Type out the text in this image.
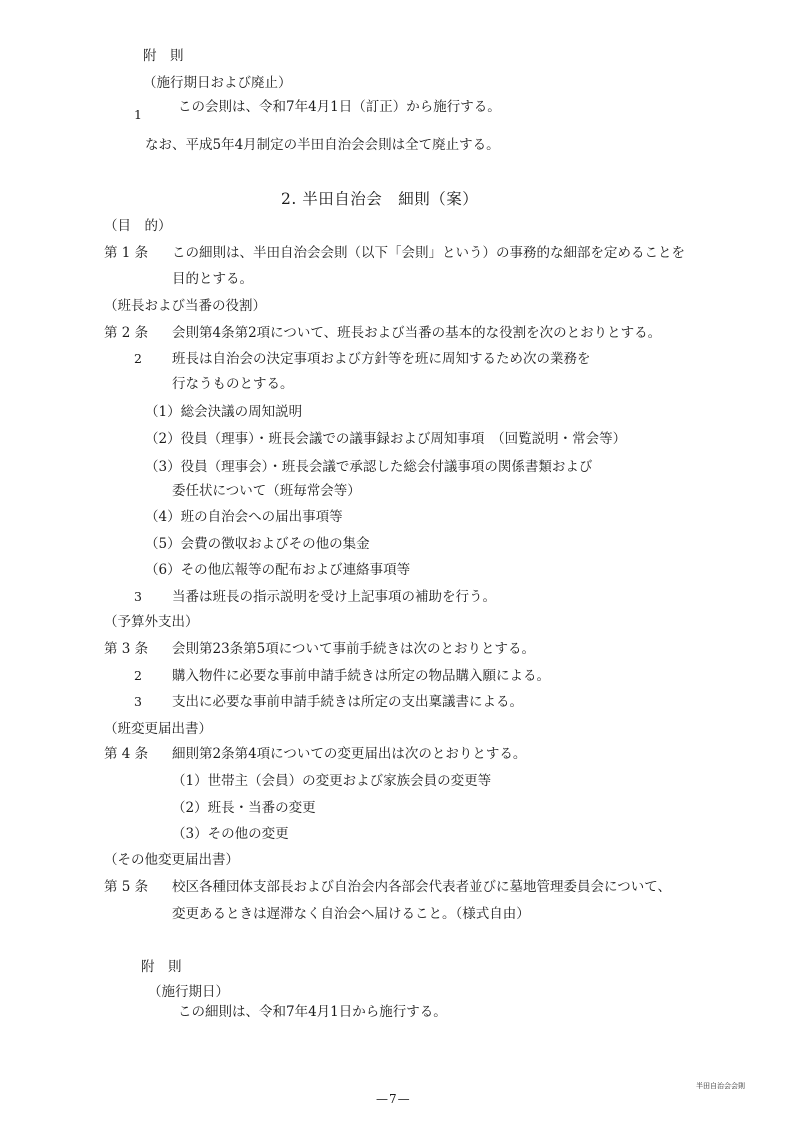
附　則
（施行期日および廃止）
1	この会則は、令和7年4月1日（訂正）から施行する。
なお、平成5年4月制定の半田自治会会則は全て廃止する。
2. 半田自治会　細則（案）
（目　的）
第 1 条 この細則は、半田自治会会則（以下「会則」という）の事務的な細部を定めることを
目的とする。
（班長および当番の役割）
第 2 条 会則第4条第2項について、班長および当番の基本的な役割を次のとおりとする。
2 班長は自治会の決定事項および方針等を班に周知するため次の業務を
行なうものとする。
（1）総会決議の周知説明
（2）役員（理事）・班長会議での議事録および周知事項　（回覧説明・常会等）
（3）役員（理事会）・班長会議で承認した総会付議事項の関係書類および
委任状について（班毎常会等）
（4）班の自治会への届出事項等
（5）会費の徴収およびその他の集金
（6）その他広報等の配布および連絡事項等
3 当番は班長の指示説明を受け上記事項の補助を行う。
（予算外支出）
第 3 条 会則第23条第5項について事前手続きは次のとおりとする。
2 購入物件に必要な事前申請手続きは所定の物品購入願による。
3 支出に必要な事前申請手続きは所定の支出稟議書による。
（班変更届出書）
第 4 条 細則第2条第4項についての変更届出は次のとおりとする。
（1）世帯主（会員）の変更および家族会員の変更等
（2）班長・当番の変更
（3）その他の変更
（その他変更届出書）
第 5 条 校区各種団体支部長および自治会内各部会代表者並びに墓地管理委員会について、
変更あるときは遅滞なく自治会へ届けること。（様式自由）
附　則
（施行期日）
この細則は、令和7年4月1日から施行する。
半田自治会会則
—7—
